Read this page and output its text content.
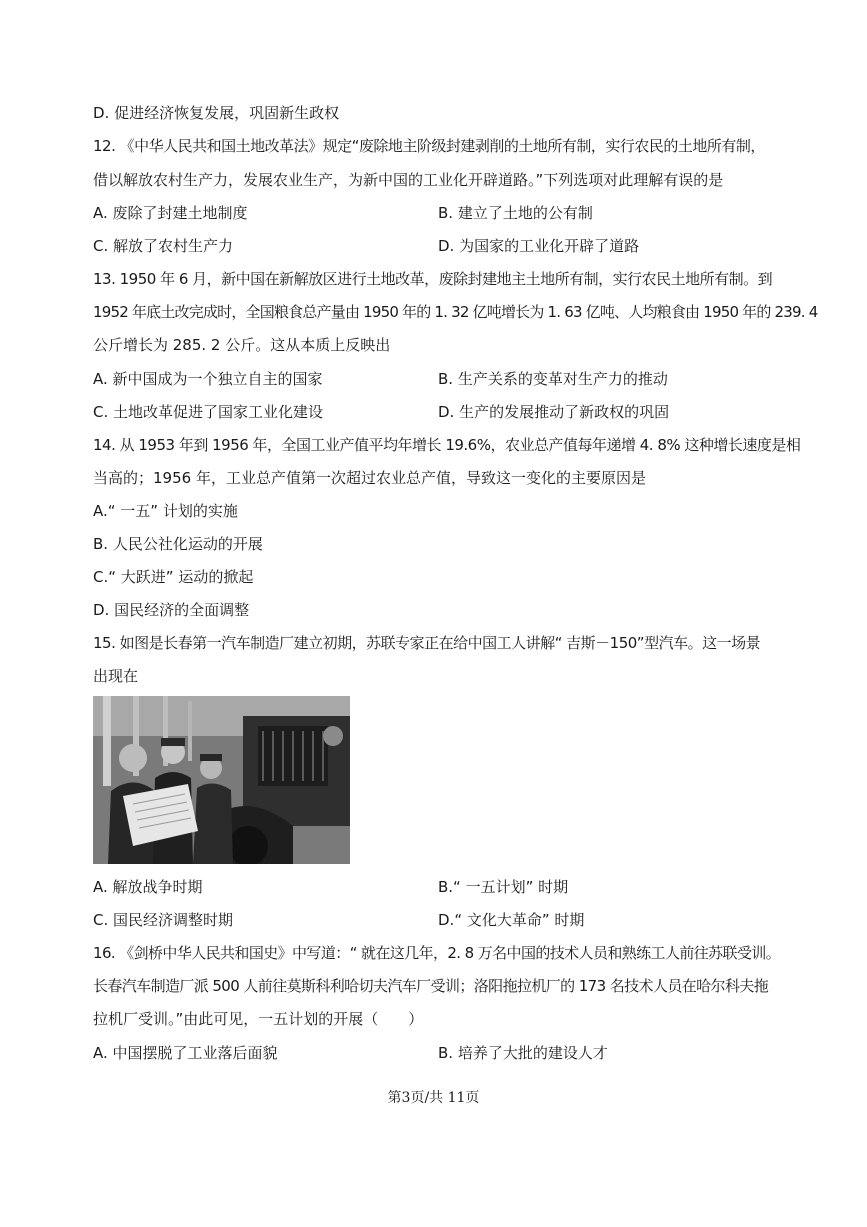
D. 促进经济恢复发展，巩固新生政权
12. 《中华人民共和国土地改革法》规定“废除地主阶级封建剥削的土地所有制，实行农民的土地所有制，
借以解放农村生产力，发展农业生产，为新中国的工业化开辟道路。”下列选项对此理解有误的是
A. 废除了封建土地制度	B. 建立了土地的公有制
C. 解放了农村生产力	D. 为国家的工业化开辟了道路
13. 1950 年 6 月，新中国在新解放区进行土地改革，废除封建地主土地所有制，实行农民土地所有制。到
1952 年底土改完成时，全国粮食总产量由 1950 年的 1. 32 亿吨增长为 1. 63 亿吨、人均粮食由 1950 年的 239. 4
公斤增长为 285. 2 公斤。这从本质上反映出
A. 新中国成为一个独立自主的国家	B. 生产关系的变革对生产力的推动
C. 土地改革促进了国家工业化建设	D. 生产的发展推动了新政权的巩固
14. 从 1953 年到 1956 年，全国工业产值平均年增长 19.6%，农业总产值每年递增 4. 8% 这种增长速度是相
当高的；1956 年，工业总产值第一次超过农业总产值，导致这一变化的主要原因是
A.“ 一五” 计划的实施
B. 人民公社化运动的开展
C.“ 大跃进” 运动的掀起
D. 国民经济的全面调整
15. 如图是长春第一汽车制造厂建立初期，苏联专家正在给中国工人讲解“ 吉斯－150”型汽车。这一场景
出现在
A. 解放战争时期	B.“ 一五计划” 时期
C. 国民经济调整时期	D.“ 文化大革命” 时期
16. 《剑桥中华人民共和国史》中写道：“ 就在这几年，2. 8 万名中国的技术人员和熟练工人前往苏联受训。
长春汽车制造厂派 500 人前往莫斯科利哈切夫汽车厂受训；洛阳拖拉机厂的 173 名技术人员在哈尔科夫拖
拉机厂受训。”由此可见，一五计划的开展（　　）
A. 中国摆脱了工业落后面貌	B. 培养了大批的建设人才
第3页/共 11页
